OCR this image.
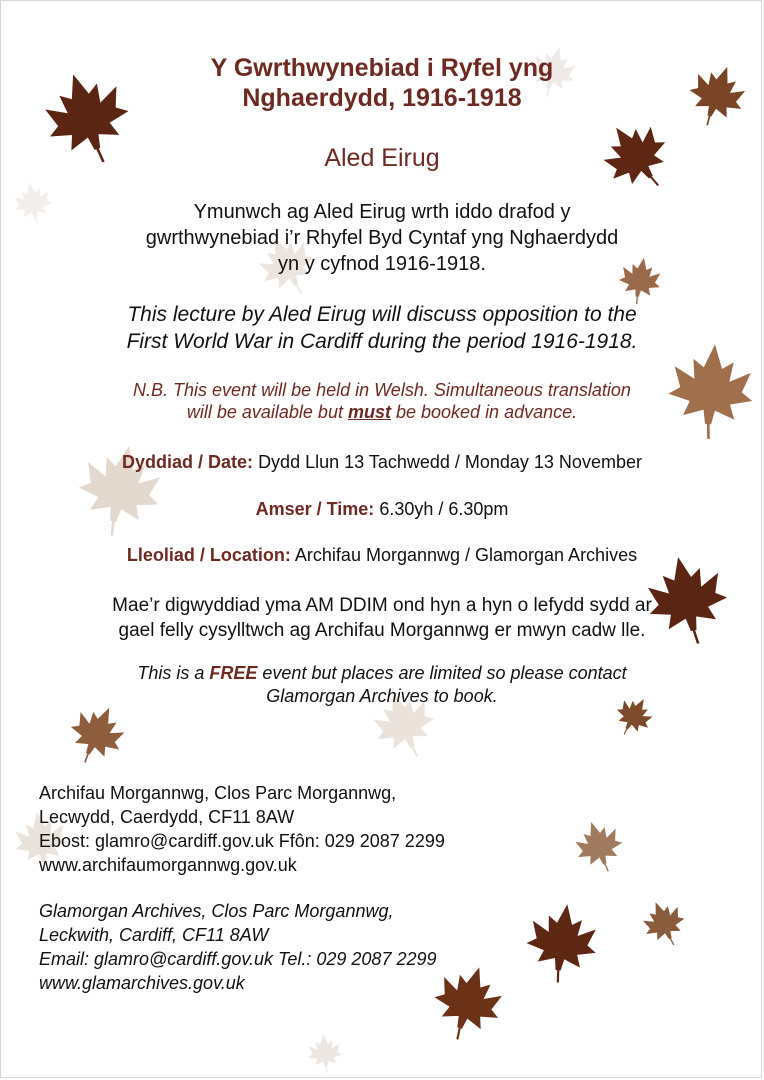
Y Gwrthwynebiad i Ryfel yng
Nghaerdydd, 1916-1918
Aled Eirug
Ymunwch ag Aled Eirug wrth iddo drafod y
gwrthwynebiad i’r Rhyfel Byd Cyntaf yng Nghaerdydd
yn y cyfnod 1916-1918.
This lecture by Aled Eirug will discuss opposition to the
First World War in Cardiff during the period 1916-1918.
N.B. This event will be held in Welsh. Simultaneous translation
will be available but must be booked in advance.
Dyddiad / Date: Dydd Llun 13 Tachwedd / Monday 13 November
Amser / Time: 6.30yh / 6.30pm
Lleoliad / Location: Archifau Morgannwg / Glamorgan Archives
Mae’r digwyddiad yma AM DDIM ond hyn a hyn o lefydd sydd ar
gael felly cysylltwch ag Archifau Morgannwg er mwyn cadw lle.
This is a FREE event but places are limited so please contact
Glamorgan Archives to book.
Archifau Morgannwg, Clos Parc Morgannwg,
Lecwydd, Caerdydd, CF11 8AW
Ebost: glamro@cardiff.gov.uk Ffôn: 029 2087 2299
www.archifaumorgannwg.gov.uk
Glamorgan Archives, Clos Parc Morgannwg,
Leckwith, Cardiff, CF11 8AW
Email: glamro@cardiff.gov.uk Tel.: 029 2087 2299
www.glamarchives.gov.uk
